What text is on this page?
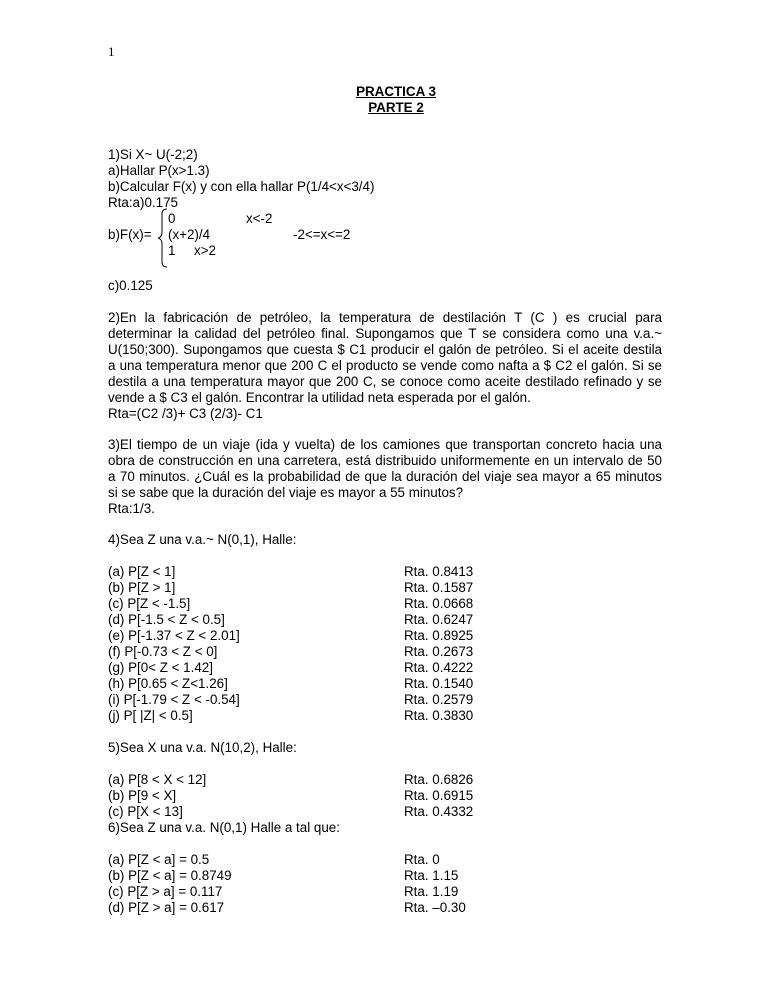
1
PRACTICA 3
PARTE 2
1)Si X~ U(-2;2)
a)Hallar P(x>1.3)
b)Calcular F(x) y con ella hallar P(1/4<x<3/4)
Rta:a)0.175
0	x<-2
b)F(x)= (x+2)/4	-2<=x<=2
1 x>2
c)0.125
2)En la fabricación de petróleo, la temperatura de destilación T (C ) es crucial para determinar la calidad del petróleo final. Supongamos que T se considera como una v.a.~ U(150;300). Supongamos que cuesta $ C1 producir el galón de petróleo. Si el aceite destila a una temperatura menor que 200 C el producto se vende como nafta a $ C2 el galón. Si se destila a una temperatura mayor que 200 C, se conoce como aceite destilado refinado y se vende a $ C3 el galón. Encontrar la utilidad neta esperada por el galón.
Rta=(C2 /3)+ C3 (2/3)- C1
3)El tiempo de un viaje (ida y vuelta) de los camiones que transportan concreto hacia una obra de construcción en una carretera, está distribuido uniformemente en un intervalo de 50 a 70 minutos. ¿Cuál es la probabilidad de que la duración del viaje sea mayor a 65 minutos si se sabe que la duración del viaje es mayor a 55 minutos?
Rta:1/3.
4)Sea Z una v.a.~ N(0,1), Halle:
(a) P[Z < 1]	Rta. 0.8413
(b) P[Z > 1]	Rta. 0.1587
(c) P[Z < -1.5]	Rta. 0.0668
(d) P[-1.5 < Z < 0.5]	Rta. 0.6247
(e) P[-1.37 < Z < 2.01]	Rta. 0.8925
(f) P[-0.73 < Z < 0]	Rta. 0.2673
(g) P[0< Z < 1.42]	Rta. 0.4222
(h) P[0.65 < Z<1.26]	Rta. 0.1540
(i) P[-1.79 < Z < -0.54]	Rta. 0.2579
(j) P[ |Z| < 0.5]	Rta. 0.3830
5)Sea X una v.a. N(10,2), Halle:
(a) P[8 < X < 12]	Rta. 0.6826
(b) P[9 < X]	Rta. 0.6915
(c) P[X < 13]	Rta. 0.4332
6)Sea Z una v.a. N(0,1) Halle a tal que:
(a) P[Z < a] = 0.5	Rta. 0
(b) P[Z < a] = 0.8749	Rta. 1.15
(c) P[Z > a] = 0.117	Rta. 1.19
(d) P[Z > a] = 0.617	Rta. –0.30
